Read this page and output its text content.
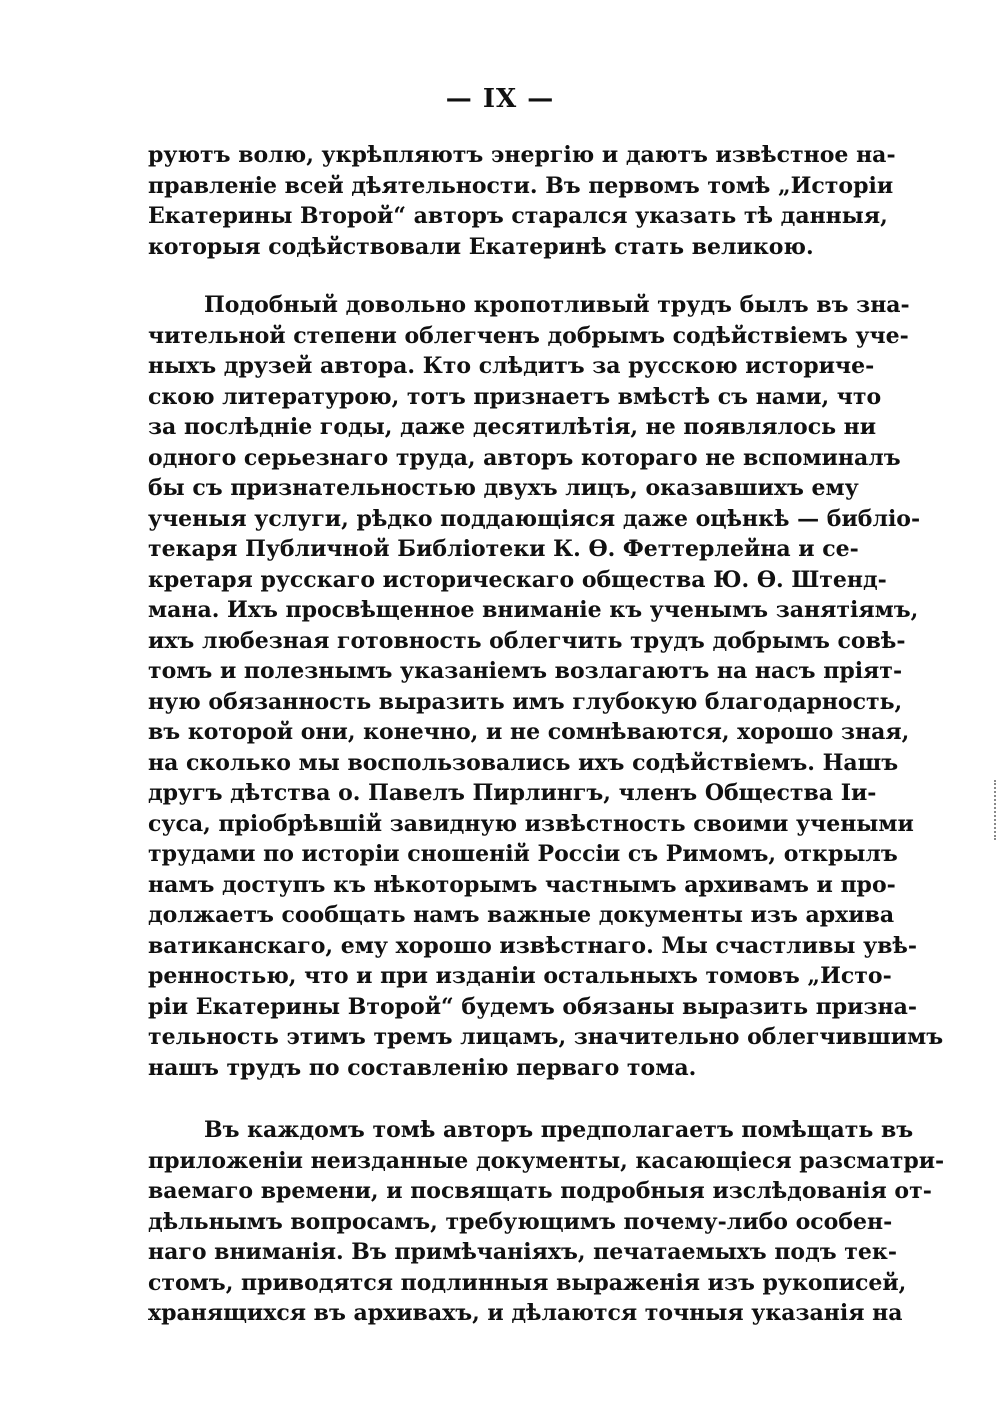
— IX —
руютъ волю, укрѣпляютъ энергію и даютъ извѣстное на-
правленіе всей дѣятельности. Въ первомъ томѣ „Исторіи
Екатерины Второй“ авторъ старался указать тѣ данныя,
которыя содѣйствовали Екатеринѣ стать великою.
Подобный довольно кропотливый трудъ былъ въ зна-
чительной степени облегченъ добрымъ содѣйствіемъ уче-
ныхъ друзей автора. Кто слѣдитъ за русскою историче-
скою литературою, тотъ признаетъ вмѣстѣ съ нами, что
за послѣдніе годы, даже десятилѣтія, не появлялось ни
одного серьезнаго труда, авторъ котораго не вспоминалъ
бы съ признательностью двухъ лицъ, оказавшихъ ему
ученыя услуги, рѣдко поддающіяся даже оцѣнкѣ — библіо-
текаря Публичной Библіотеки К. Ѳ. Феттерлейна и се-
кретаря русскаго историческаго общества Ю. Ѳ. Штенд-
мана. Ихъ просвѣщенное вниманіе къ ученымъ занятіямъ,
ихъ любезная готовность облегчить трудъ добрымъ совѣ-
томъ и полезнымъ указаніемъ возлагаютъ на насъ пріят-
ную обязанность выразить имъ глубокую благодарность,
въ которой они, конечно, и не сомнѣваются, хорошо зная,
на сколько мы воспользовались ихъ содѣйствіемъ. Нашъ
другъ дѣтства о. Павелъ Пирлингъ, членъ Общества Іи-
суса, пріобрѣвшій завидную извѣстность своими учеными
трудами по исторіи сношеній Россіи съ Римомъ, открылъ
намъ доступъ къ нѣкоторымъ частнымъ архивамъ и про-
должаетъ сообщать намъ важные документы изъ архива
ватиканскаго, ему хорошо извѣстнаго. Мы счастливы увѣ-
ренностью, что и при изданіи остальныхъ томовъ „Исто-
ріи Екатерины Второй“ будемъ обязаны выразить призна-
тельность этимъ тремъ лицамъ, значительно облегчившимъ
нашъ трудъ по составленію перваго тома.
Въ каждомъ томѣ авторъ предполагаетъ помѣщать въ
приложеніи неизданные документы, касающіеся разсматри-
ваемаго времени, и посвящать подробныя изслѣдованія от-
дѣльнымъ вопросамъ, требующимъ почему-либо особен-
наго вниманія. Въ примѣчаніяхъ, печатаемыхъ подъ тек-
стомъ, приводятся подлинныя выраженія изъ рукописей,
хранящихся въ архивахъ, и дѣлаются точныя указанія на
